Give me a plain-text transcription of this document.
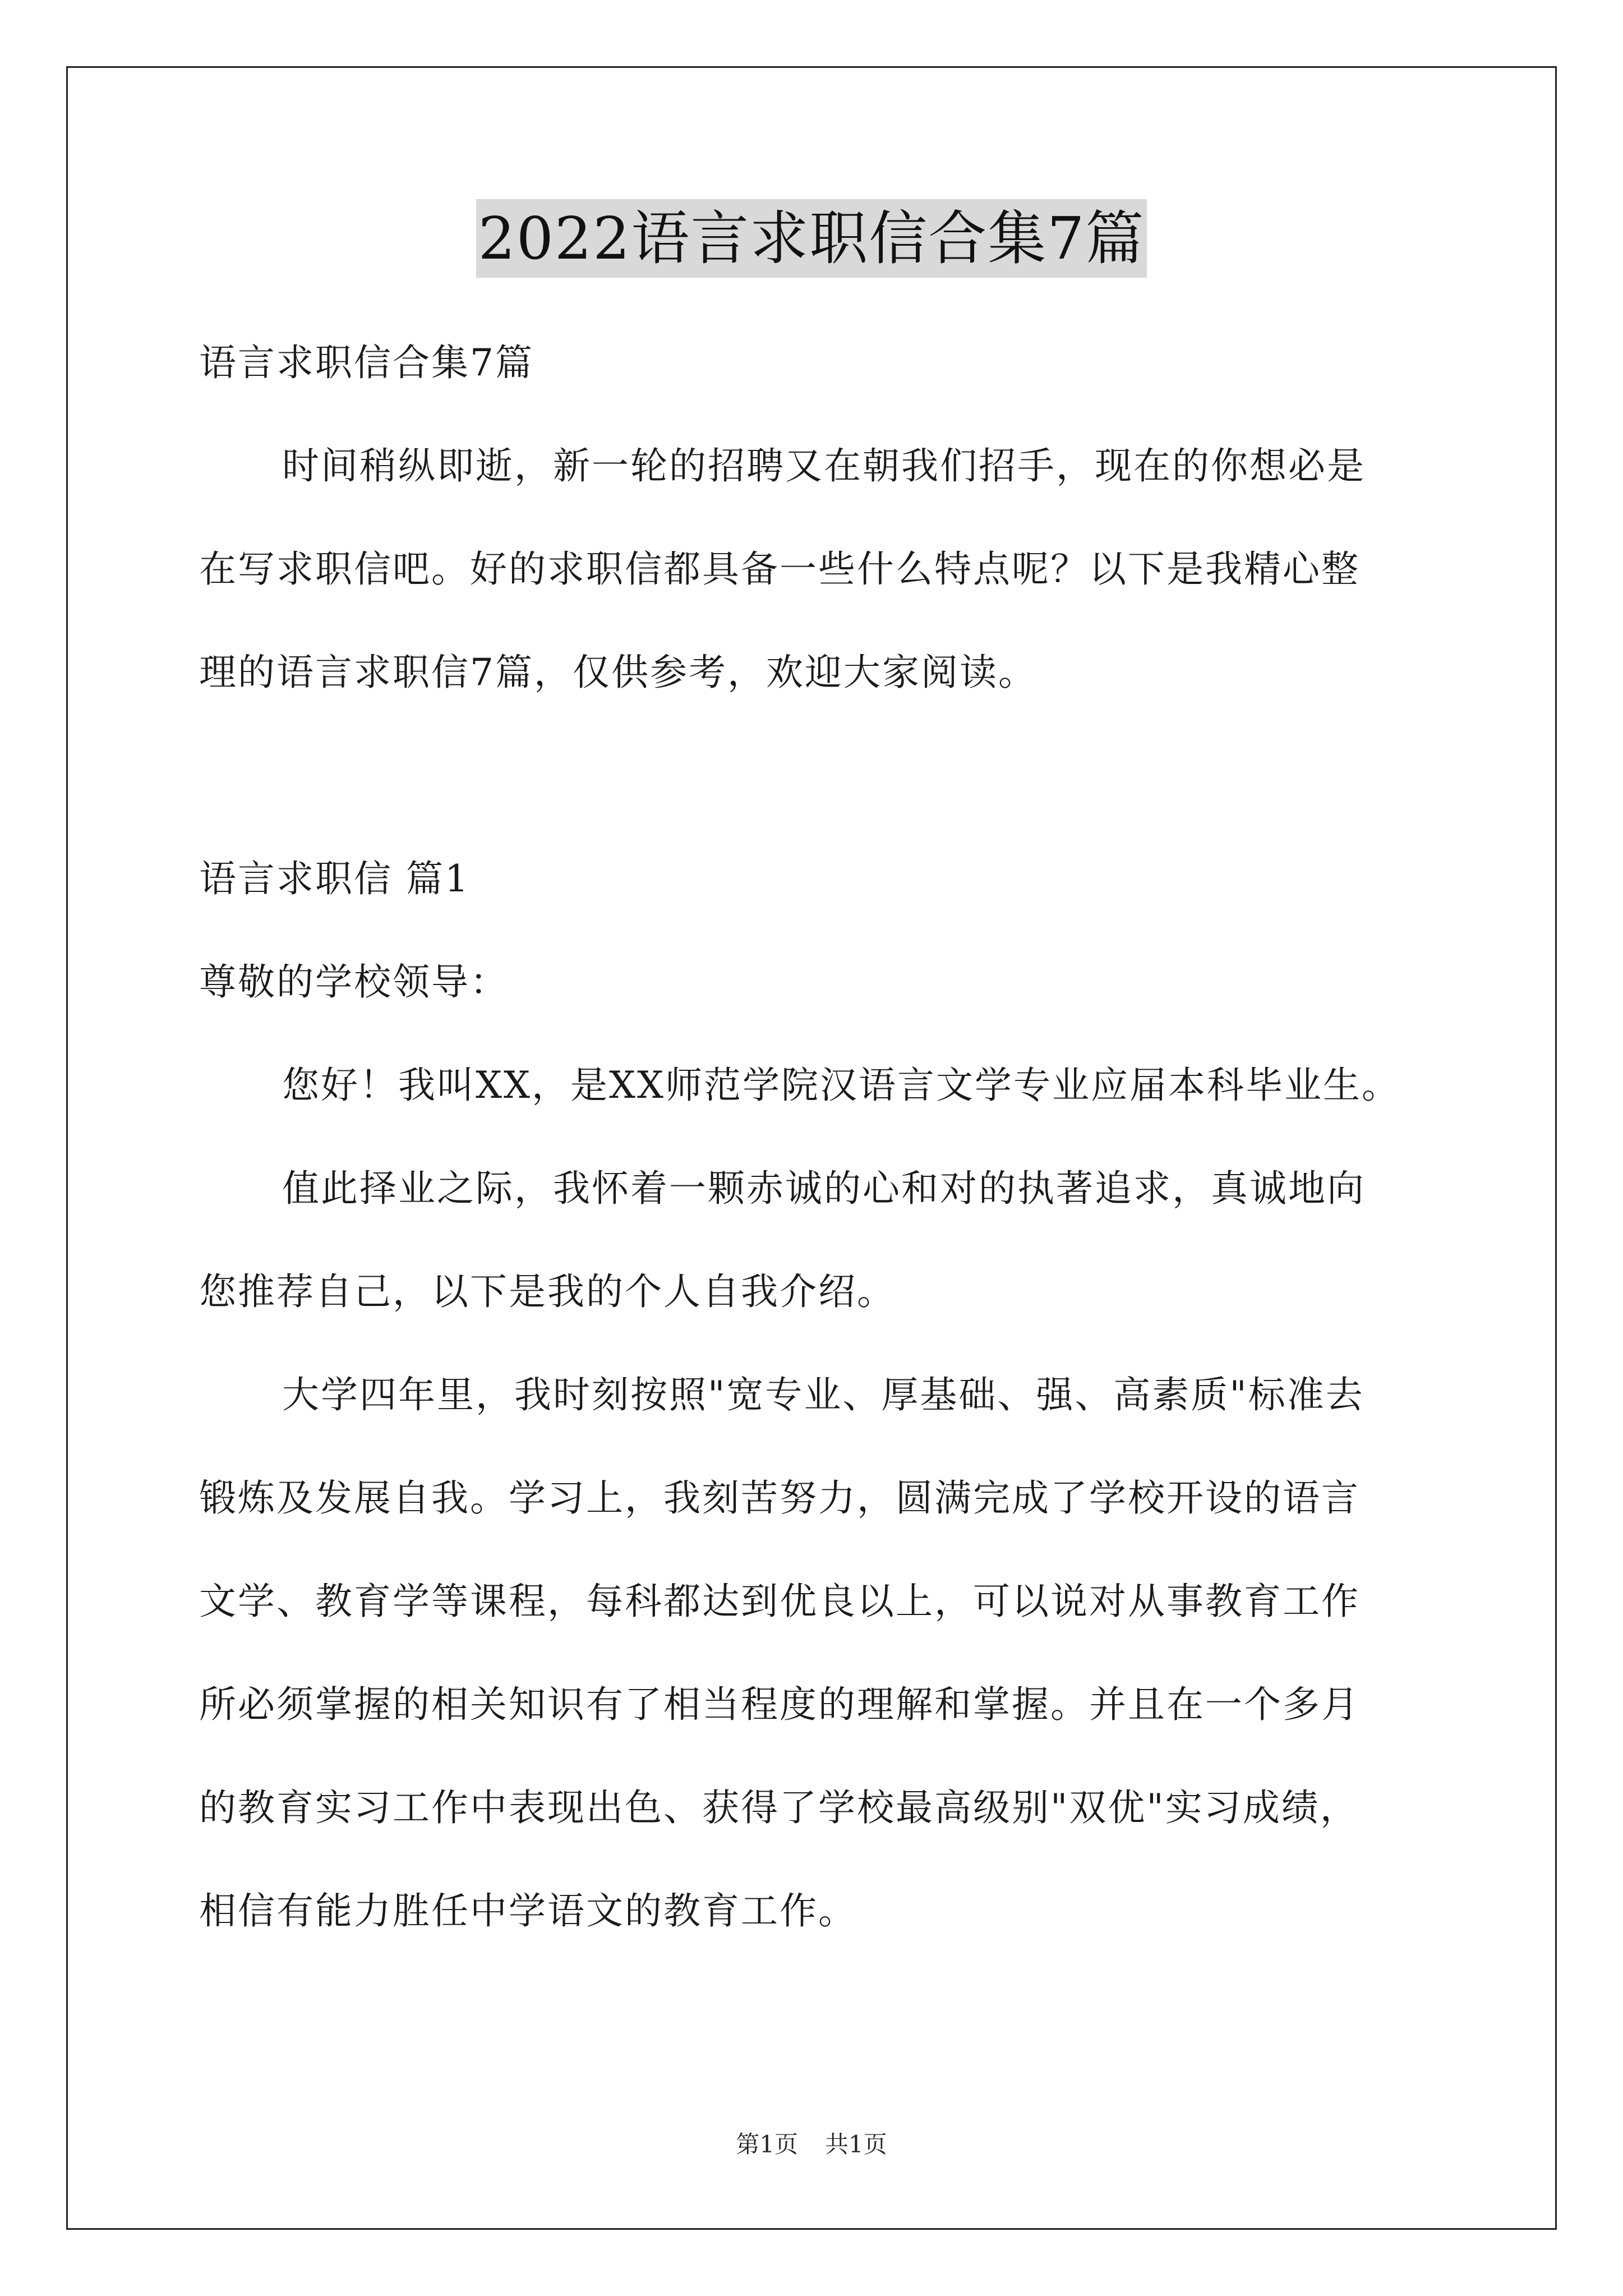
2022语言求职信合集7篇
语言求职信合集7篇
时间稍纵即逝，新一轮的招聘又在朝我们招手，现在的你想必是
在写求职信吧。好的求职信都具备一些什么特点呢？以下是我精心整
理的语言求职信7篇，仅供参考，欢迎大家阅读。
语言求职信 篇1
尊敬的学校领导：
您好！我叫XX，是XX师范学院汉语言文学专业应届本科毕业生。
值此择业之际，我怀着一颗赤诚的心和对的执著追求，真诚地向
您推荐自己，以下是我的个人自我介绍。
大学四年里，我时刻按照"宽专业、厚基础、强、高素质"标准去
锻炼及发展自我。学习上，我刻苦努力，圆满完成了学校开设的语言
文学、教育学等课程，每科都达到优良以上，可以说对从事教育工作
所必须掌握的相关知识有了相当程度的理解和掌握。并且在一个多月
的教育实习工作中表现出色、获得了学校最高级别"双优"实习成绩，
相信有能力胜任中学语文的教育工作。
第1页 共1页
